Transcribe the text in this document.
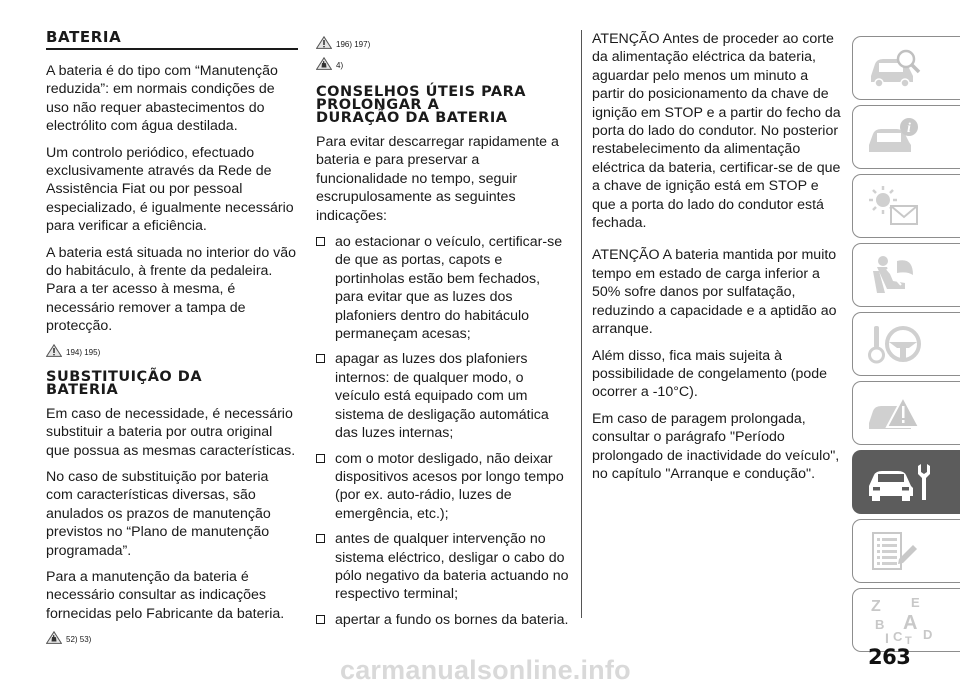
BATERIA

A bateria é do tipo com “Manutenção reduzida”: em normais condições de uso não requer abastecimentos do electrólito com água destilada.

Um controlo periódico, efectuado exclusivamente através da Rede de Assistência Fiat ou por pessoal especializado, é igualmente necessário para verificar a eficiência.

A bateria está situada no interior do vão do habitáculo, à frente da pedaleira. Para a ter acesso à mesma, é necessário remover a tampa de protecção.

194) 195)
SUBSTITUIÇÃO DA
BATERIA

Em caso de necessidade, é necessário substituir a bateria por outra original que possua as mesmas características.

No caso de substituição por bateria com características diversas, são anulados os prazos de manutenção previstos no “Plano de manutenção programada”.

Para a manutenção da bateria é necessário consultar as indicações fornecidas pelo Fabricante da bateria.

52) 53)
196) 197)
4)
CONSELHOS ÚTEIS PARA
PROLONGAR A
DURAÇÃO DA BATERIA

Para evitar descarregar rapidamente a bateria e para preservar a funcionalidade no tempo, seguir escrupulosamente as seguintes indicações:

ao estacionar o veículo, certificar-se de que as portas, capots e portinholas estão bem fechados, para evitar que as luzes dos plafoniers dentro do habitáculo permaneçam acesas;
apagar as luzes dos plafoniers internos: de qualquer modo, o veículo está equipado com um sistema de desligação automática das luzes internas;
com o motor desligado, não deixar dispositivos acesos por longo tempo (por ex. auto-rádio, luzes de emergência, etc.);
antes de qualquer intervenção no sistema eléctrico, desligar o cabo do pólo negativo da bateria actuando no respectivo terminal;
apertar a fundo os bornes da bateria.

ATENÇÃO Antes de proceder ao corte da alimentação eléctrica da bateria, aguardar pelo menos um minuto a partir do posicionamento da chave de ignição em STOP e a partir do fecho da porta do lado do condutor. No posterior restabelecimento da alimentação eléctrica da bateria, certificar-se de que a chave de ignição está em STOP e que a porta do lado do condutor está fechada.

ATENÇÃO A bateria mantida por muito tempo em estado de carga inferior a 50% sofre danos por sulfatação, reduzindo a capacidade e a aptidão ao arranque.

Além disso, fica mais sujeita à possibilidade de congelamento (pode ocorrer a -10°C).

Em caso de paragem prolongada, consultar o parágrafo "Período prolongado de inactividade do veículo", no capítulo "Arranque e condução".

i
Z E
B A
I C T D
263
carmanualsonline.info
